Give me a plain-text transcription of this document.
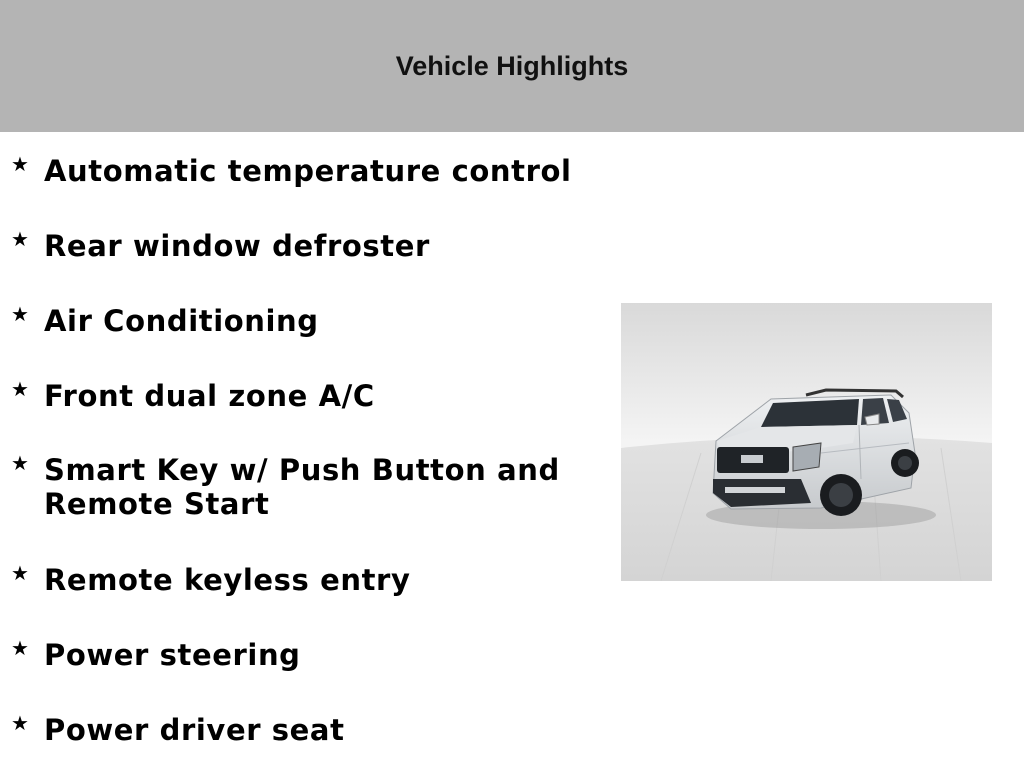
Vehicle Highlights
★ Automatic temperature control
★ Rear window defroster
★ Air Conditioning
★ Front dual zone A/C
★ Smart Key w/ Push Button and Remote Start
★ Remote keyless entry
★ Power steering
★ Power driver seat
